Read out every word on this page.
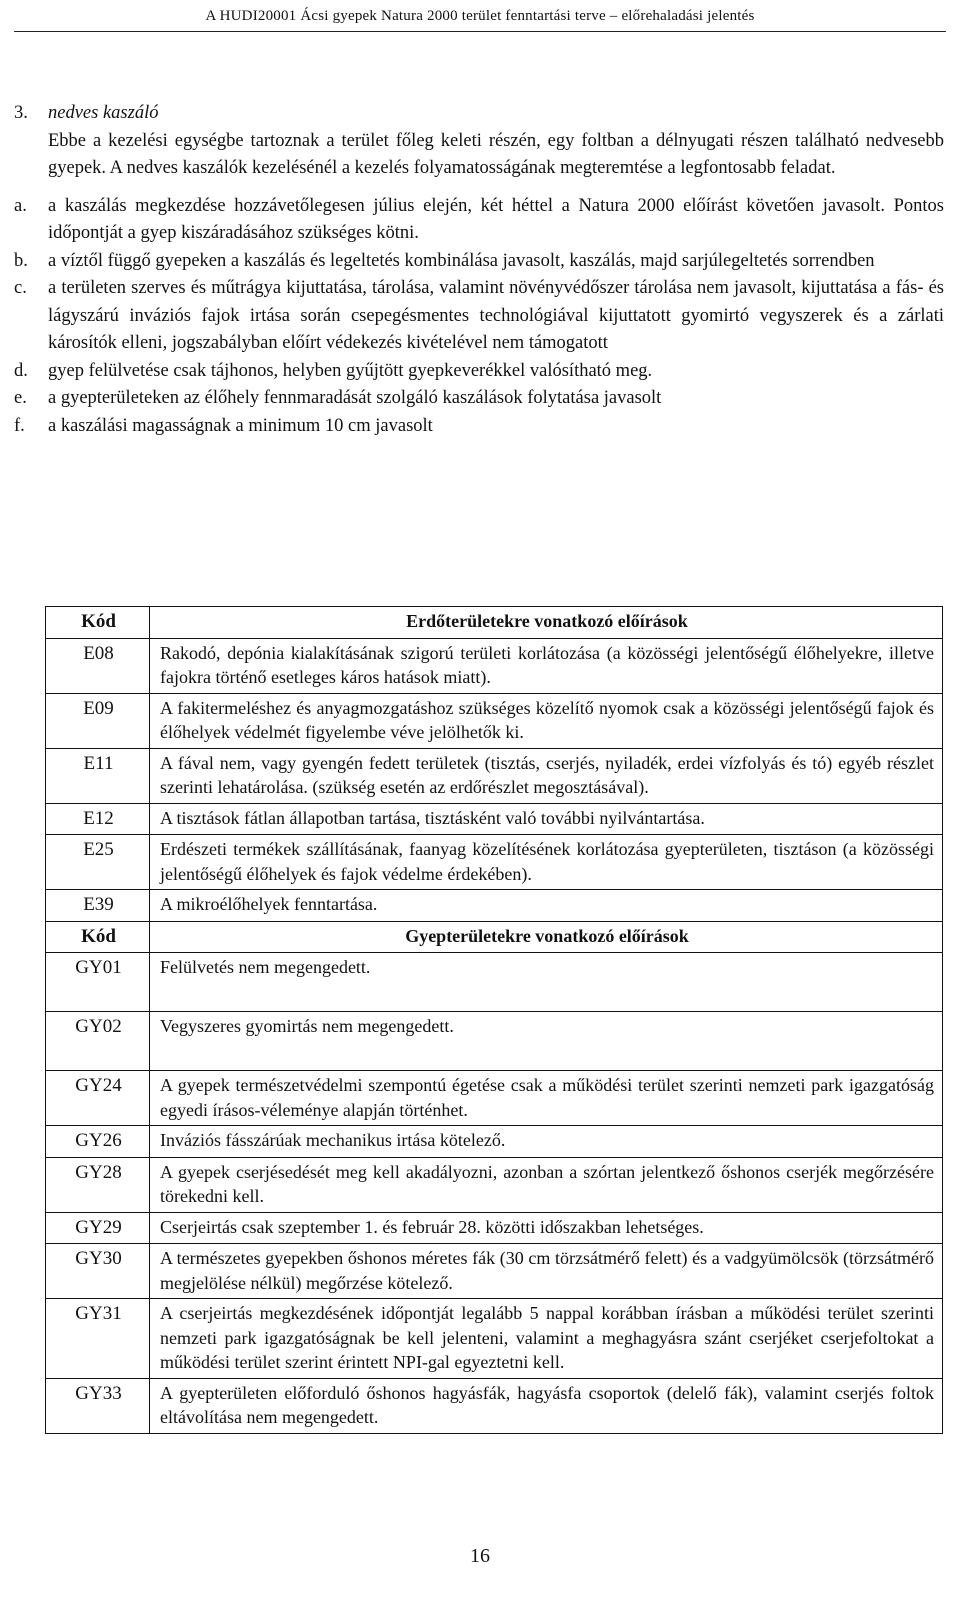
A HUDI20001 Ácsi gyepek Natura 2000 terület fenntartási terve – előrehaladási jelentés
3. nedves kaszáló
Ebbe a kezelési egységbe tartoznak a terület főleg keleti részén, egy foltban a délnyugati részen található nedvesebb gyepek. A nedves kaszálók kezelésénél a kezelés folyamatosságának megteremtése a legfontosabb feladat.
a.	a kaszálás megkezdése hozzávetőlegesen július elején, két héttel a Natura 2000 előírást követően javasolt. Pontos időpontját a gyep kiszáradásához szükséges kötni.
b.	a víztől függő gyepeken a kaszálás és legeltetés kombinálása javasolt, kaszálás, majd sarjúlegeltetés sorrendben
c.	a területen szerves és műtrágya kijuttatása, tárolása, valamint növényvédőszer tárolása nem javasolt, kijuttatása a fás- és lágyszárú inváziós fajok irtása során csepegésmentes technológiával kijuttatott gyomirtó vegyszerek és a zárlati károsítók elleni, jogszabályban előírt védekezés kivételével nem támogatott
d.	gyep felülvetése csak tájhonos, helyben gyűjtött gyepkeverékkel valósítható meg.
e.	a gyepterületeken az élőhely fennmaradását szolgáló kaszálások folytatása javasolt
f.	a kaszálási magasságnak a minimum 10 cm javasolt
Kód	Erdőterületekre vonatkozó előírások
E08	Rakodó, depónia kialakításának szigorú területi korlátozása (a közösségi jelentőségű élőhelyekre, illetve fajokra történő esetleges káros hatások miatt).
E09	A fakitermeléshez és anyagmozgatáshoz szükséges közelítő nyomok csak a közösségi jelentőségű fajok és élőhelyek védelmét figyelembe véve jelölhetők ki.
E11	A fával nem, vagy gyengén fedett területek (tisztás, cserjés, nyiladék, erdei vízfolyás és tó) egyéb részlet szerinti lehatárolása. (szükség esetén az erdőrészlet megosztásával).
E12	A tisztások fátlan állapotban tartása, tisztásként való további nyilvántartása.
E25	Erdészeti termékek szállításának, faanyag közelítésének korlátozása gyepterületen, tisztáson (a közösségi jelentőségű élőhelyek és fajok védelme érdekében).
E39	A mikroélőhelyek fenntartása.
Kód	Gyepterületekre vonatkozó előírások
GY01	Felülvetés nem megengedett.
GY02	Vegyszeres gyomirtás nem megengedett.
GY24	A gyepek természetvédelmi szempontú égetése csak a működési terület szerinti nemzeti park igazgatóság egyedi írásos-véleménye alapján történhet.
GY26	Inváziós fásszárúak mechanikus irtása kötelező.
GY28	A gyepek cserjésedését meg kell akadályozni, azonban a szórtan jelentkező őshonos cserjék megőrzésére törekedni kell.
GY29	Cserjeirtás csak szeptember 1. és február 28. közötti időszakban lehetséges.
GY30	A természetes gyepekben őshonos méretes fák (30 cm törzsátmérő felett) és a vadgyümölcsök (törzsátmérő megjelölése nélkül) megőrzése kötelező.
GY31	A cserjeirtás megkezdésének időpontját legalább 5 nappal korábban írásban a működési terület szerinti nemzeti park igazgatóságnak be kell jelenteni, valamint a meghagyásra szánt cserjéket cserjefoltokat a működési terület szerint érintett NPI-gal egyeztetni kell.
GY33	A gyepterületen előforduló őshonos hagyásfák, hagyásfa csoportok (delelő fák), valamint cserjés foltok eltávolítása nem megengedett.
16
